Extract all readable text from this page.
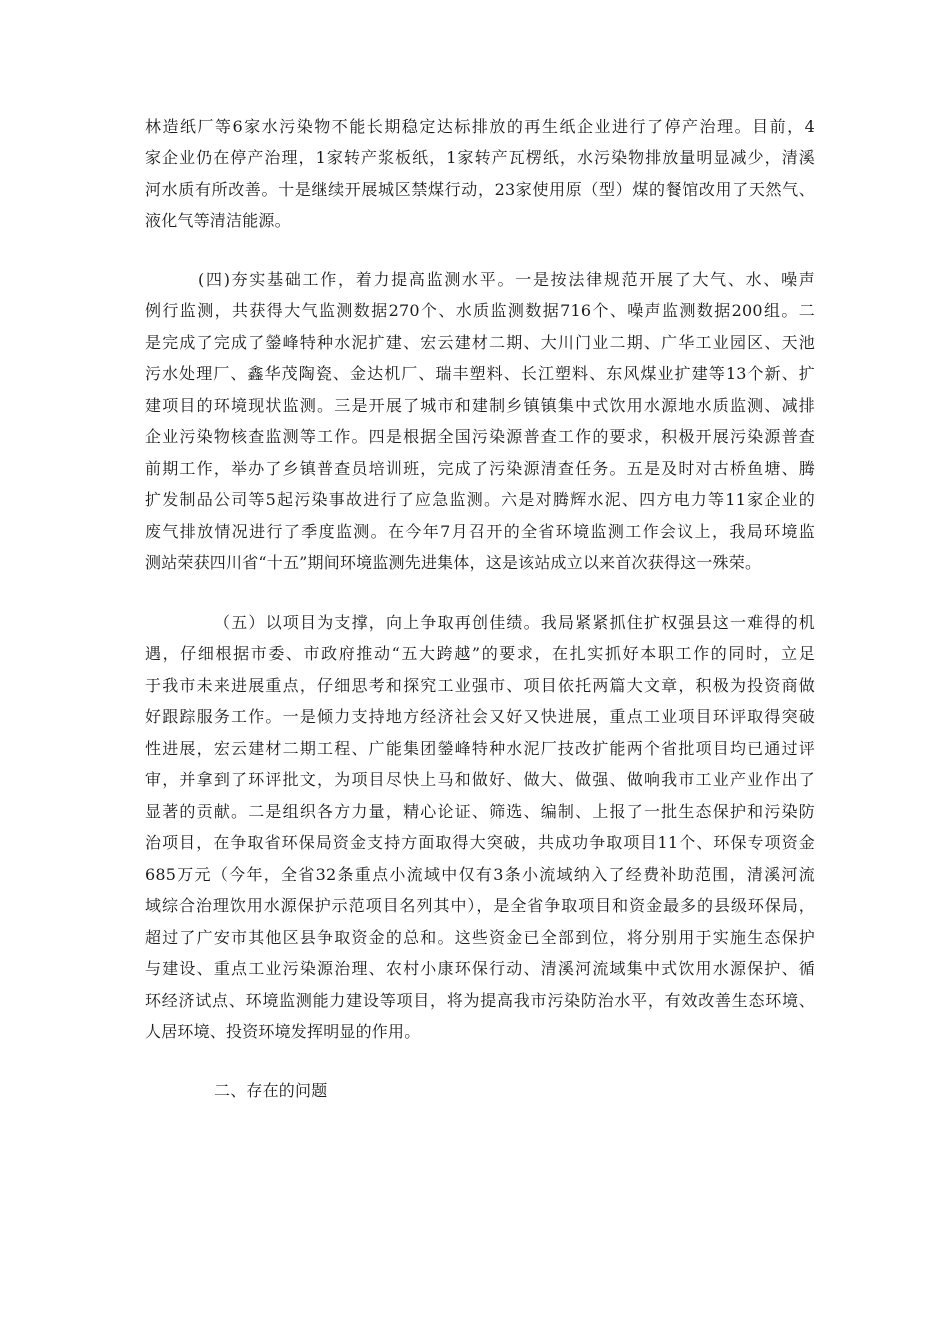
林造纸厂等6家水污染物不能长期稳定达标排放的再生纸企业进行了停产治理。目前，4
家企业仍在停产治理，1家转产浆板纸，1家转产瓦楞纸，水污染物排放量明显减少，清溪
河水质有所改善。十是继续开展城区禁煤行动，23家使用原（型）煤的餐馆改用了天然气、
液化气等清洁能源。
(四)夯实基础工作，着力提高监测水平。一是按法律规范开展了大气、水、噪声
例行监测，共获得大气监测数据270个、水质监测数据716个、噪声监测数据200组。二
是完成了完成了鎣峰特种水泥扩建、宏云建材二期、大川门业二期、广华工业园区、天池
污水处理厂、鑫华茂陶瓷、金达机厂、瑞丰塑料、长江塑料、东风煤业扩建等13个新、扩
建项目的环境现状监测。三是开展了城市和建制乡镇镇集中式饮用水源地水质监测、减排
企业污染物核查监测等工作。四是根据全国污染源普查工作的要求，积极开展污染源普查
前期工作，举办了乡镇普查员培训班，完成了污染源清查任务。五是及时对古桥鱼塘、腾
扩发制品公司等5起污染事故进行了应急监测。六是对腾辉水泥、四方电力等11家企业的
废气排放情况进行了季度监测。在今年7月召开的全省环境监测工作会议上，我局环境监
测站荣获四川省“十五”期间环境监测先进集体，这是该站成立以来首次获得这一殊荣。
（五）以项目为支撑，向上争取再创佳绩。我局紧紧抓住扩权强县这一难得的机
遇，仔细根据市委、市政府推动“五大跨越”的要求，在扎实抓好本职工作的同时，立足
于我市未来进展重点，仔细思考和探究工业强市、项目依托两篇大文章，积极为投资商做
好跟踪服务工作。一是倾力支持地方经济社会又好又快进展，重点工业项目环评取得突破
性进展，宏云建材二期工程、广能集团鎣峰特种水泥厂技改扩能两个省批项目均已通过评
审，并拿到了环评批文，为项目尽快上马和做好、做大、做强、做响我市工业产业作出了
显著的贡献。二是组织各方力量，精心论证、筛选、编制、上报了一批生态保护和污染防
治项目，在争取省环保局资金支持方面取得大突破，共成功争取项目11个、环保专项资金
685万元（今年，全省32条重点小流域中仅有3条小流域纳入了经费补助范围，清溪河流
域综合治理饮用水源保护示范项目名列其中），是全省争取项目和资金最多的县级环保局，
超过了广安市其他区县争取资金的总和。这些资金已全部到位，将分别用于实施生态保护
与建设、重点工业污染源治理、农村小康环保行动、清溪河流域集中式饮用水源保护、循
环经济试点、环境监测能力建设等项目，将为提高我市污染防治水平，有效改善生态环境、
人居环境、投资环境发挥明显的作用。
二、存在的问题
